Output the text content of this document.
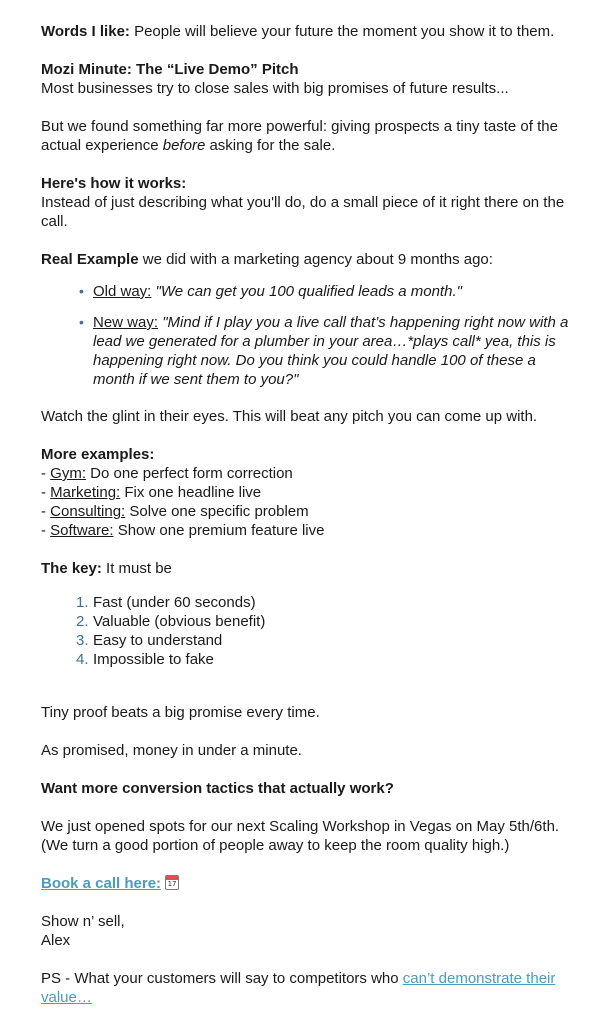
Words I like: People will believe your future the moment you show it to them.

Mozi Minute: The “Live Demo” Pitch

Most businesses try to close sales with big promises of future results...

But we found something far more powerful: giving prospects a tiny taste of the actual experience before asking for the sale.

Here's how it works:

Instead of just describing what you'll do, do a small piece of it right there on the call.

Real Example we did with a marketing agency about 9 months ago:

• Old way: "We can get you 100 qualified leads a month."
• New way: "Mind if I play you a live call that’s happening right now with a lead we generated for a plumber in your area…*plays call* yea, this is happening right now. Do you think you could handle 100 of these a month if we sent them to you?"

Watch the glint in their eyes. This will beat any pitch you can come up with.

More examples:

- Gym: Do one perfect form correction

- Marketing: Fix one headline live

- Consulting: Solve one specific problem

- Software: Show one premium feature live

The key: It must be

1. Fast (under 60 seconds)
2. Valuable (obvious benefit)
3. Easy to understand
4. Impossible to fake

Tiny proof beats a big promise every time.

As promised, money in under a minute.

Want more conversion tactics that actually work?

We just opened spots for our next Scaling Workshop in Vegas on May 5th/6th.

(We turn a good portion of people away to keep the room quality high.)

Book a call here: 17

Show n’ sell,

Alex

PS - What your customers will say to competitors who can’t demonstrate their value…
